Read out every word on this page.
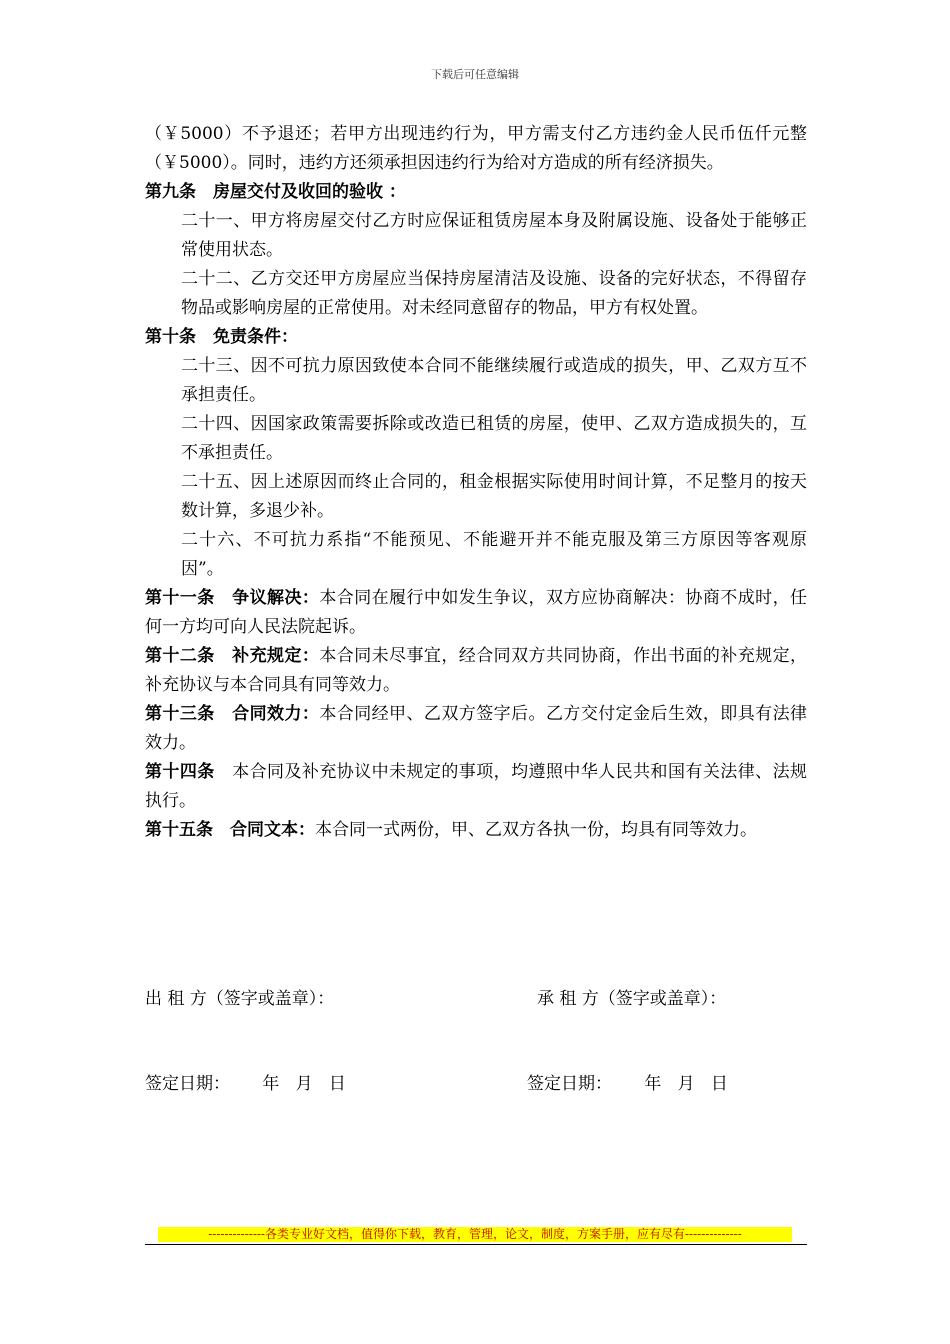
下载后可任意编辑

（￥5000）不予退还；若甲方出现违约行为，甲方需支付乙方违约金人民币伍仟元整（￥5000）。同时，违约方还须承担因违约行为给对方造成的所有经济损失。

第九条　房屋交付及收回的验收 ：

二十一、甲方将房屋交付乙方时应保证租赁房屋本身及附属设施、设备处于能够正常使用状态。

二十二、乙方交还甲方房屋应当保持房屋清洁及设施、设备的完好状态，不得留存物品或影响房屋的正常使用。对未经同意留存的物品，甲方有权处置。

第十条　免责条件：

二十三、因不可抗力原因致使本合同不能继续履行或造成的损失，甲、乙双方互不承担责任。

二十四、因国家政策需要拆除或改造已租赁的房屋，使甲、乙双方造成损失的，互不承担责任。

二十五、因上述原因而终止合同的，租金根据实际使用时间计算，不足整月的按天数计算，多退少补。

二十六、不可抗力系指“不能预见、不能避开并不能克服及第三方原因等客观原因”。

第十一条　争议解决：本合同在履行中如发生争议，双方应协商解决：协商不成时，任何一方均可向人民法院起诉。

第十二条　补充规定：本合同未尽事宜，经合同双方共同协商，作出书面的补充规定，补充协议与本合同具有同等效力。

第十三条　合同效力：本合同经甲、乙双方签字后。乙方交付定金后生效，即具有法律效力。

第十四条　本合同及补充协议中未规定的事项，均遵照中华人民共和国有关法律、法规执行。

第十五条　合同文本：本合同一式两份，甲、乙双方各执一份，均具有同等效力。

出 租 方（签字或盖章）：	承 租 方（签字或盖章）：
签定日期：      年   月   日	签定日期：      年   月   日
--------------各类专业好文档，值得你下载，教育，管理，论文，制度，方案手册，应有尽有--------------
